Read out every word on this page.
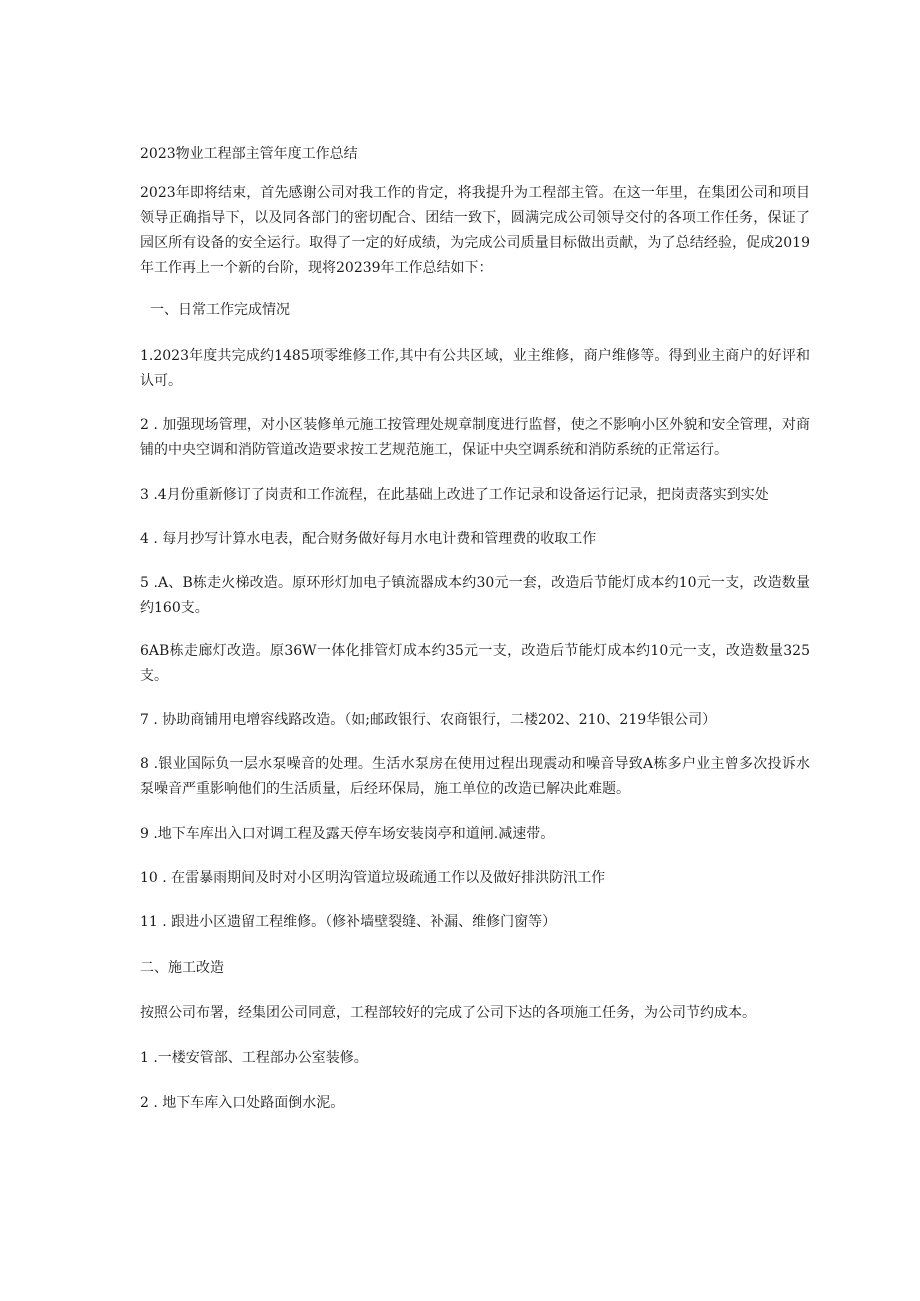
2023物业工程部主管年度工作总结

2023年即将结束，首先感谢公司对我工作的肯定，将我提升为工程部主管。在这一年里，在集团公司和项目领导正确指导下，以及同各部门的密切配合、团结一致下，圆满完成公司领导交付的各项工作任务，保证了园区所有设备的安全运行。取得了一定的好成绩，为完成公司质量目标做出贡献，为了总结经验，促成2019年工作再上一个新的台阶，现将20239年工作总结如下：

一、日常工作完成情况

1.2023年度共完成约1485项零维修工作,其中有公共区域，业主维修，商户维修等。得到业主商户的好评和认可。

2 . 加强现场管理，对小区装修单元施工按管理处规章制度进行监督，使之不影响小区外貌和安全管理，对商铺的中央空调和消防管道改造要求按工艺规范施工，保证中央空调系统和消防系统的正常运行。

3 .4月份重新修订了岗责和工作流程，在此基础上改进了工作记录和设备运行记录，把岗责落实到实处

4 . 每月抄写计算水电表，配合财务做好每月水电计费和管理费的收取工作

5 .A、B栋走火梯改造。原环形灯加电子镇流器成本约30元一套，改造后节能灯成本约10元一支，改造数量约160支。

6AB栋走廊灯改造。原36W一体化排管灯成本约35元一支，改造后节能灯成本约10元一支，改造数量325支。

7 . 协助商铺用电增容线路改造。（如;邮政银行、农商银行，二楼202、210、219华银公司）

8 .银业国际负一层水泵噪音的处理。生活水泵房在使用过程出现震动和噪音导致A栋多户业主曾多次投诉水泵噪音严重影响他们的生活质量，后经环保局，施工单位的改造已解决此难题。

9 .地下车库出入口对调工程及露天停车场安装岗亭和道闸.减速带。

10 . 在雷暴雨期间及时对小区明沟管道垃圾疏通工作以及做好排洪防汛工作

11 . 跟进小区遗留工程维修。（修补墙壁裂缝、补漏、维修门窗等）

二、施工改造

按照公司布署，经集团公司同意，工程部较好的完成了公司下达的各项施工任务，为公司节约成本。

1 .一楼安管部、工程部办公室装修。

2 . 地下车库入口处路面倒水泥。
